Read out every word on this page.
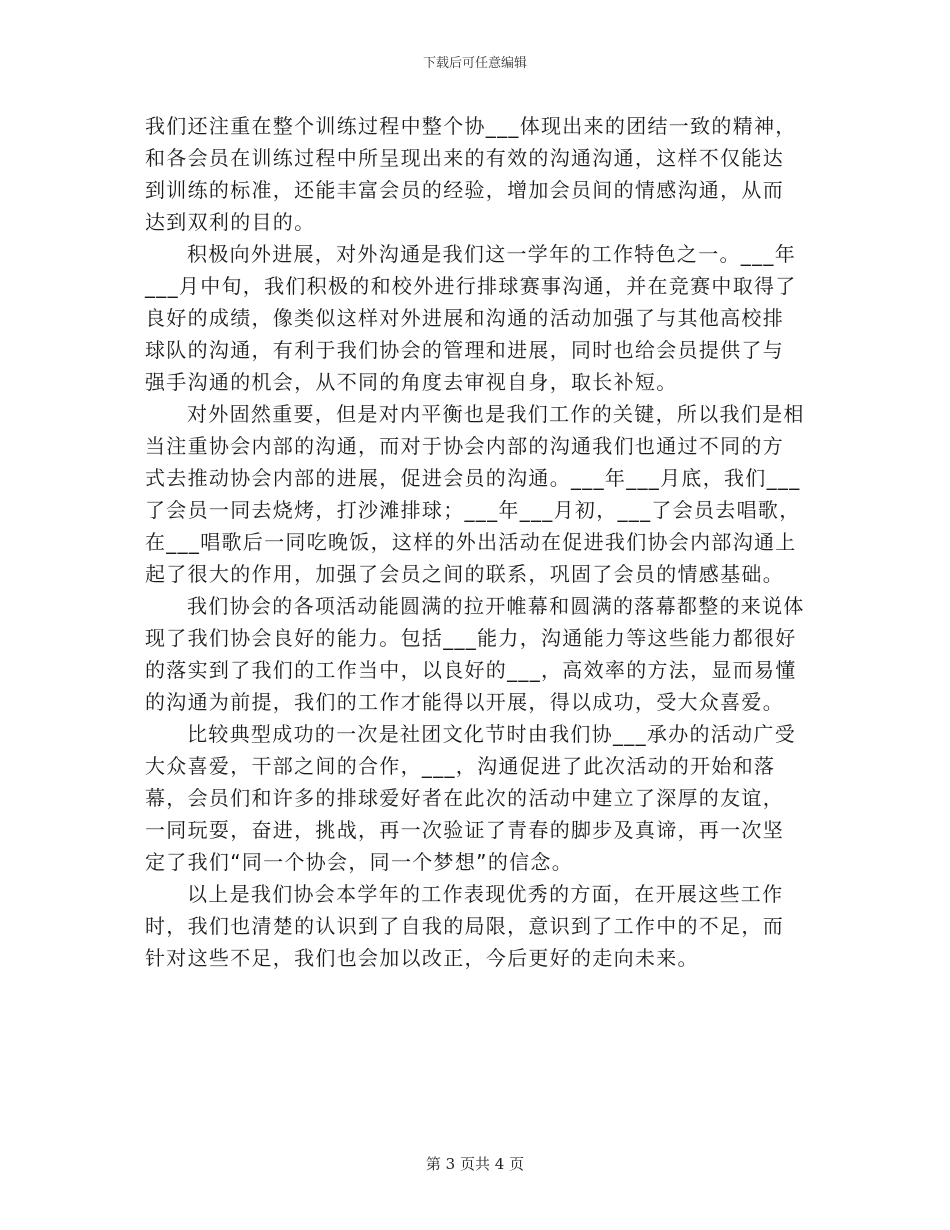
下载后可任意编辑

我们还注重在整个训练过程中整个协___体现出来的团结一致的精神，和各会员在训练过程中所呈现出来的有效的沟通沟通，这样不仅能达到训练的标准，还能丰富会员的经验，增加会员间的情感沟通，从而达到双利的目的。

积极向外进展，对外沟通是我们这一学年的工作特色之一。___年___月中旬，我们积极的和校外进行排球赛事沟通，并在竞赛中取得了良好的成绩，像类似这样对外进展和沟通的活动加强了与其他高校排球队的沟通，有利于我们协会的管理和进展，同时也给会员提供了与强手沟通的机会，从不同的角度去审视自身，取长补短。

对外固然重要，但是对内平衡也是我们工作的关键，所以我们是相当注重协会内部的沟通，而对于协会内部的沟通我们也通过不同的方式去推动协会内部的进展，促进会员的沟通。___年___月底，我们___了会员一同去烧烤，打沙滩排球；___年___月初，___了会员去唱歌，在___唱歌后一同吃晚饭，这样的外出活动在促进我们协会内部沟通上起了很大的作用，加强了会员之间的联系，巩固了会员的情感基础。

我们协会的各项活动能圆满的拉开帷幕和圆满的落幕都整的来说体现了我们协会良好的能力。包括___能力，沟通能力等这些能力都很好的落实到了我们的工作当中，以良好的___，高效率的方法，显而易懂的沟通为前提，我们的工作才能得以开展，得以成功，受大众喜爱。

比较典型成功的一次是社团文化节时由我们协___承办的活动广受大众喜爱，干部之间的合作，___，沟通促进了此次活动的开始和落幕，会员们和许多的排球爱好者在此次的活动中建立了深厚的友谊，一同玩耍，奋进，挑战，再一次验证了青春的脚步及真谛，再一次坚定了我们“同一个协会，同一个梦想”的信念。

以上是我们协会本学年的工作表现优秀的方面，在开展这些工作时，我们也清楚的认识到了自我的局限，意识到了工作中的不足，而针对这些不足，我们也会加以改正，今后更好的走向未来。

第 3 页共 4 页
